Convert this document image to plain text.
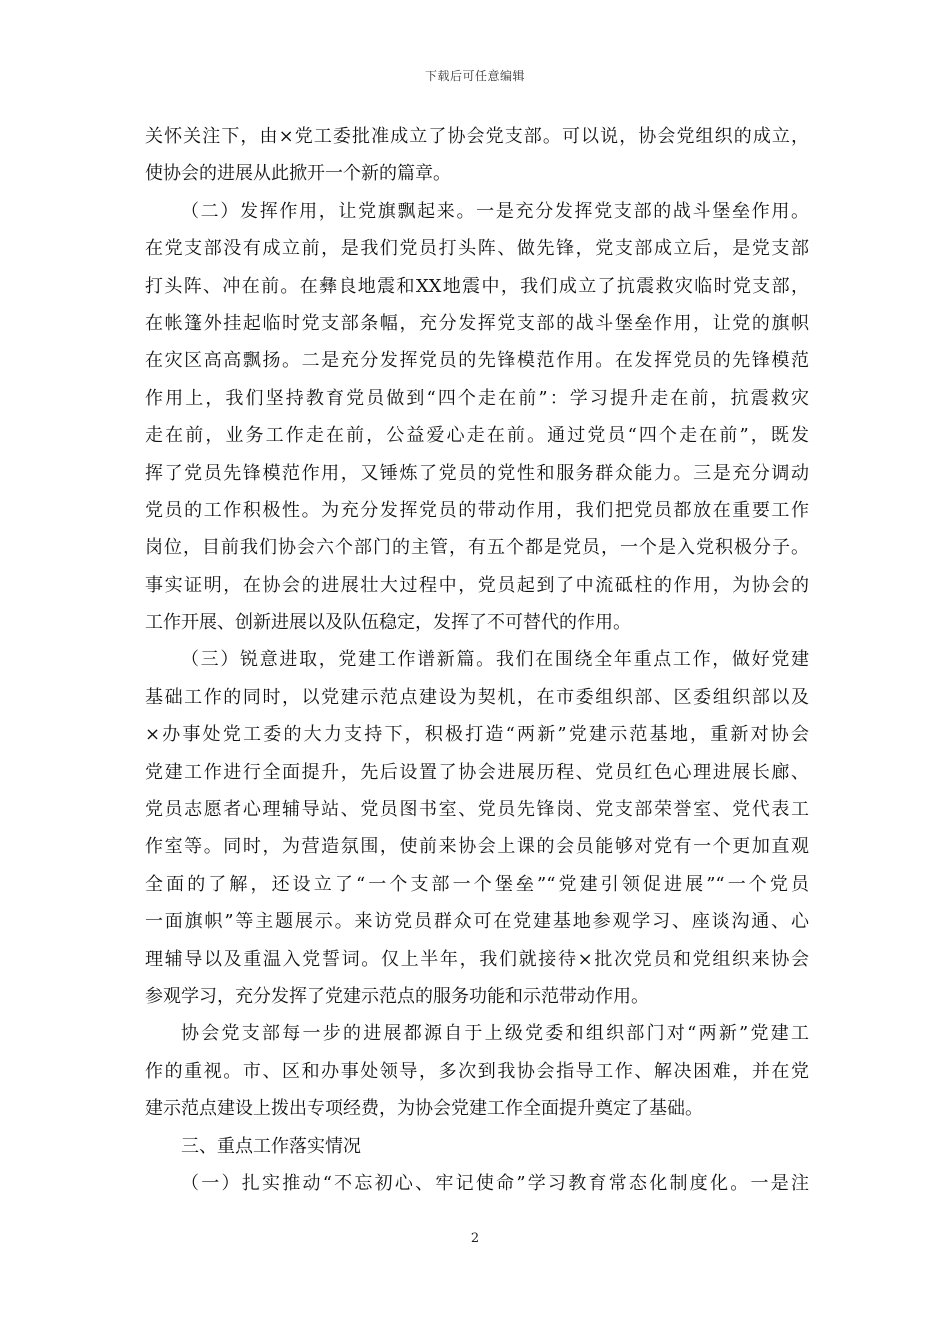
下载后可任意编辑
关怀关注下，由×党工委批准成立了协会党支部。可以说，协会党组织的成立，
使协会的进展从此掀开一个新的篇章。
（二）发挥作用，让党旗飘起来。一是充分发挥党支部的战斗堡垒作用。
在党支部没有成立前，是我们党员打头阵、做先锋，党支部成立后，是党支部
打头阵、冲在前。在彝良地震和XX地震中，我们成立了抗震救灾临时党支部，
在帐篷外挂起临时党支部条幅，充分发挥党支部的战斗堡垒作用，让党的旗帜
在灾区高高飘扬。二是充分发挥党员的先锋模范作用。在发挥党员的先锋模范
作用上，我们坚持教育党员做到“四个走在前”：学习提升走在前，抗震救灾
走在前，业务工作走在前，公益爱心走在前。通过党员“四个走在前”，既发
挥了党员先锋模范作用，又锤炼了党员的党性和服务群众能力。三是充分调动
党员的工作积极性。为充分发挥党员的带动作用，我们把党员都放在重要工作
岗位，目前我们协会六个部门的主管，有五个都是党员，一个是入党积极分子。
事实证明，在协会的进展壮大过程中，党员起到了中流砥柱的作用，为协会的
工作开展、创新进展以及队伍稳定，发挥了不可替代的作用。
（三）锐意进取，党建工作谱新篇。我们在围绕全年重点工作，做好党建
基础工作的同时，以党建示范点建设为契机，在市委组织部、区委组织部以及
×办事处党工委的大力支持下，积极打造“两新”党建示范基地，重新对协会
党建工作进行全面提升，先后设置了协会进展历程、党员红色心理进展长廊、
党员志愿者心理辅导站、党员图书室、党员先锋岗、党支部荣誉室、党代表工
作室等。同时，为营造氛围，使前来协会上课的会员能够对党有一个更加直观
全面的了解，还设立了“一个支部一个堡垒”“党建引领促进展”“一个党员
一面旗帜”等主题展示。来访党员群众可在党建基地参观学习、座谈沟通、心
理辅导以及重温入党誓词。仅上半年，我们就接待×批次党员和党组织来协会
参观学习，充分发挥了党建示范点的服务功能和示范带动作用。
协会党支部每一步的进展都源自于上级党委和组织部门对“两新”党建工
作的重视。市、区和办事处领导，多次到我协会指导工作、解决困难，并在党
建示范点建设上拨出专项经费，为协会党建工作全面提升奠定了基础。
三、重点工作落实情况
（一）扎实推动“不忘初心、牢记使命”学习教育常态化制度化。一是注
2
